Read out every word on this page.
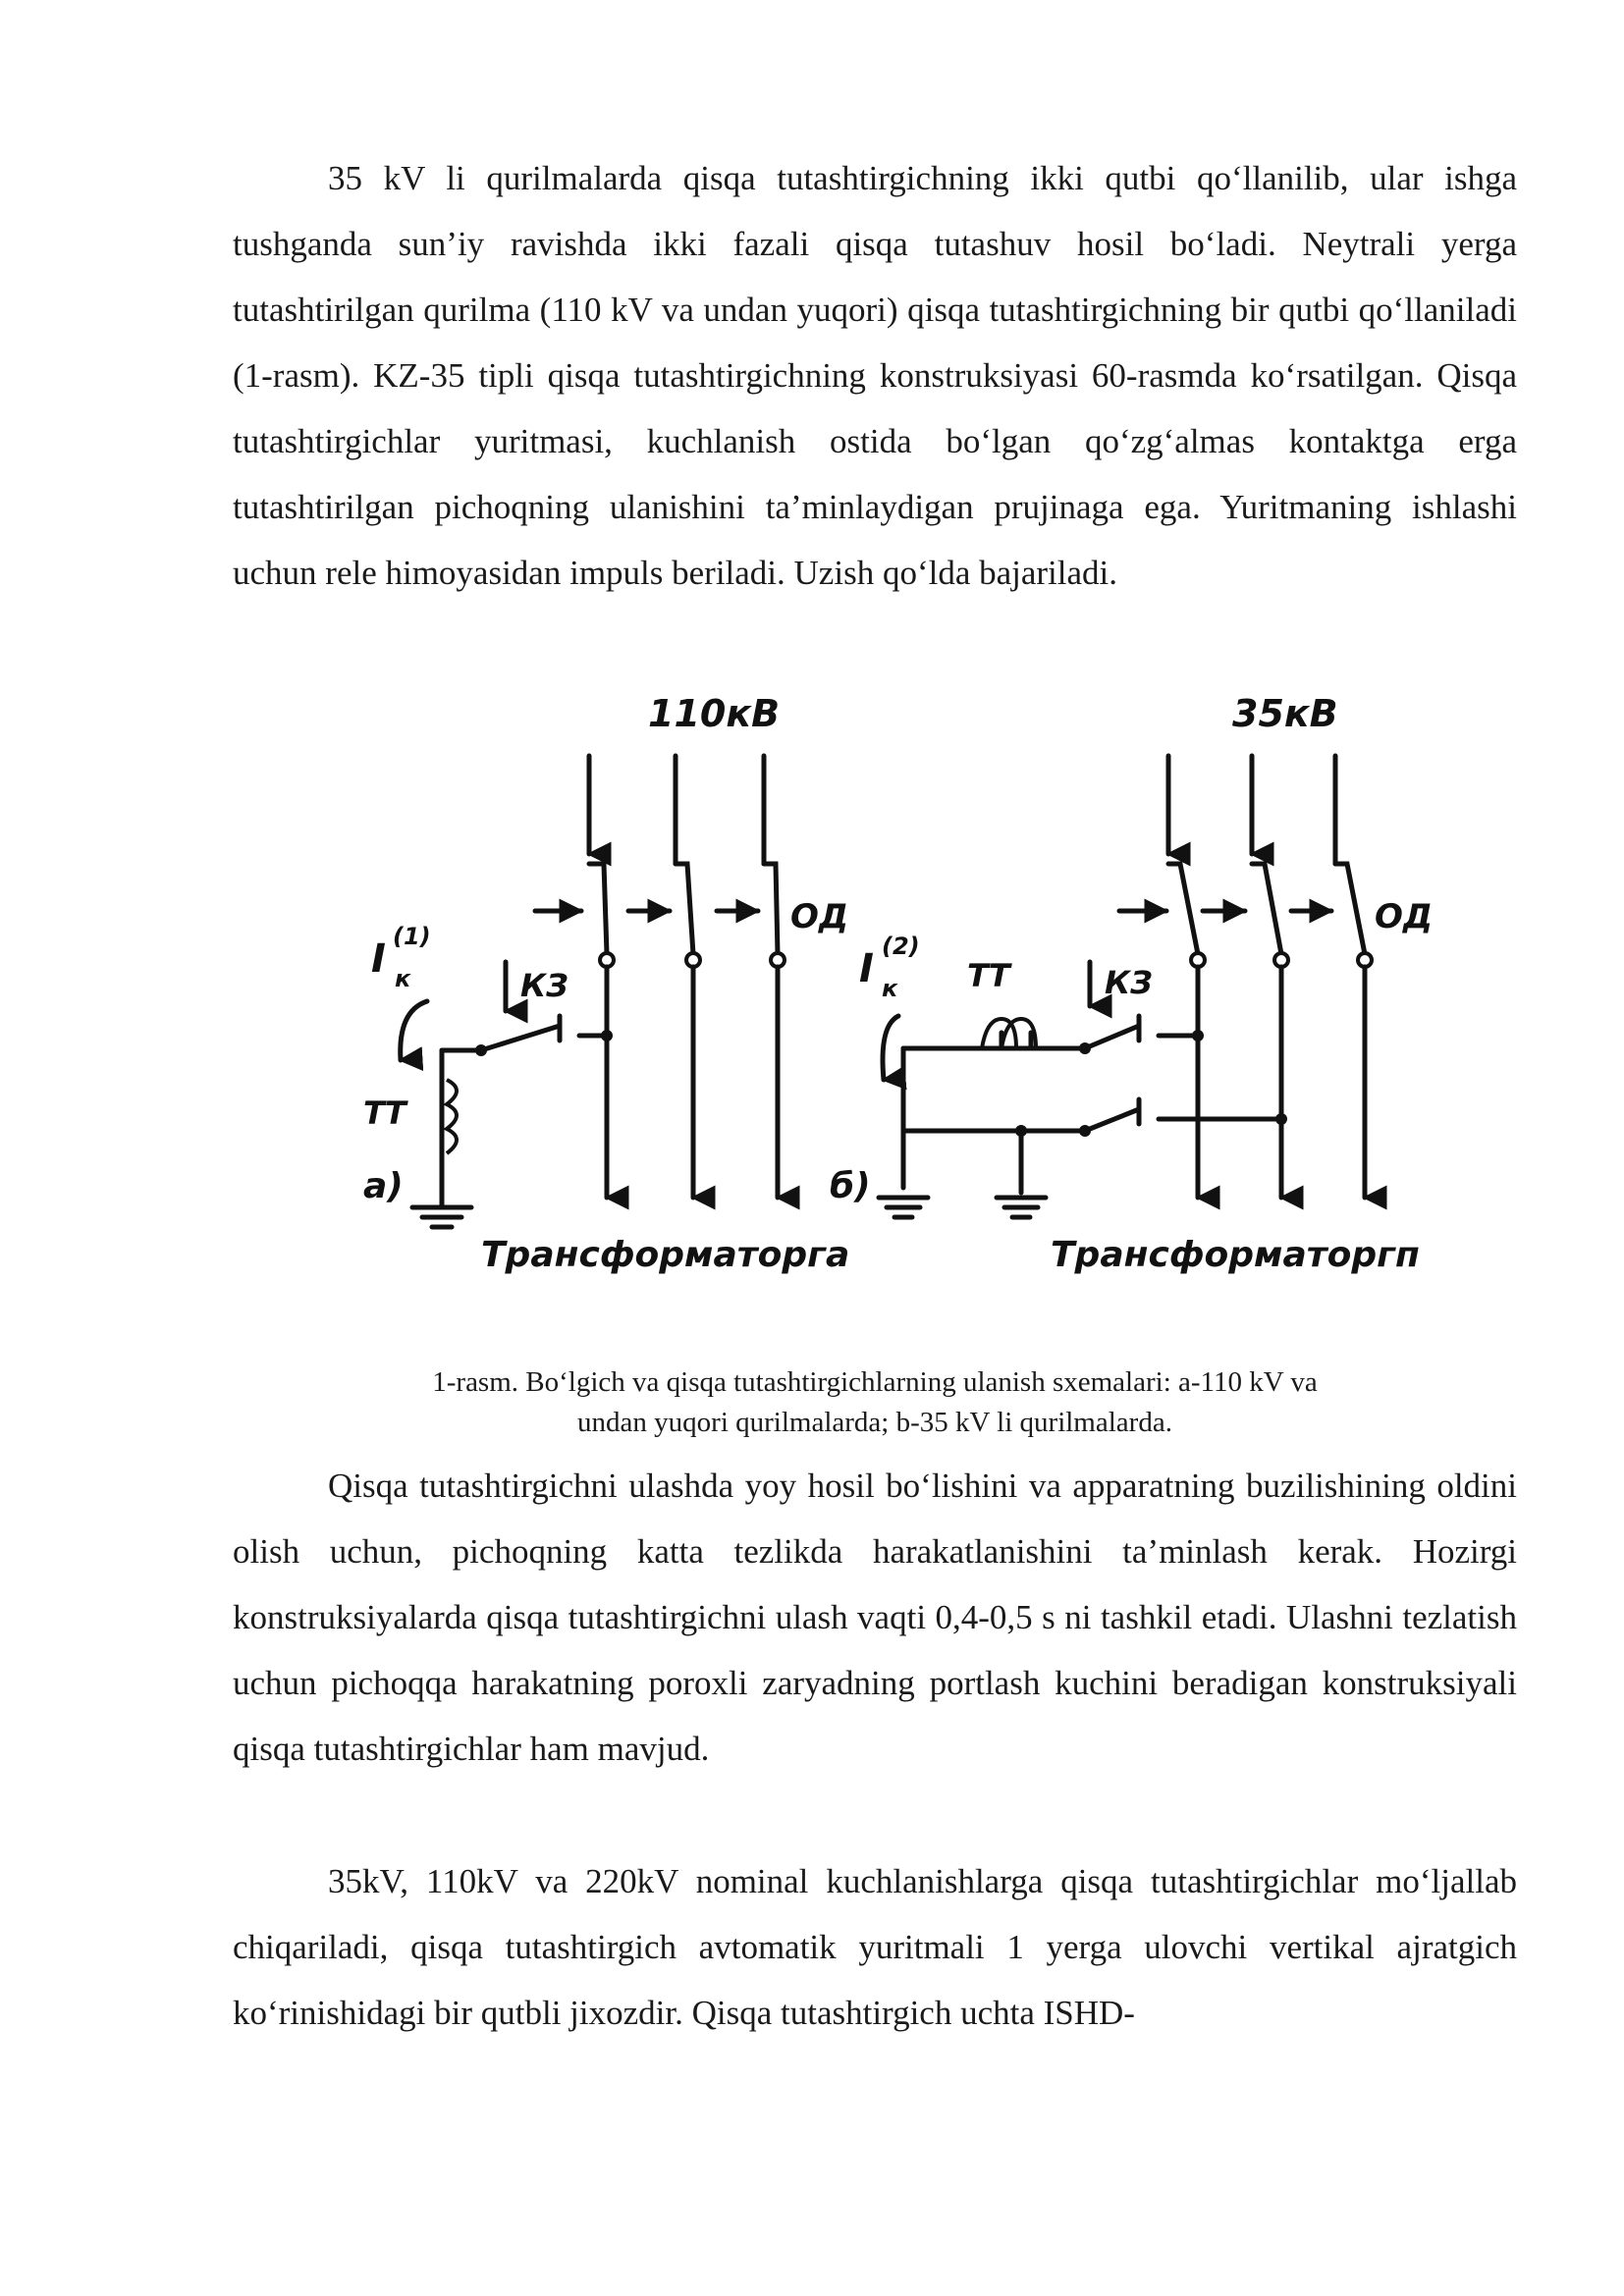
35 kV li qurilmalarda qisqa tutashtirgichning ikki qutbi qo‘llanilib, ular ishga tushganda sun’iy ravishda ikki fazali qisqa tutashuv hosil bo‘ladi. Neytrali yerga tutashtirilgan qurilma (110 kV va undan yuqori) qisqa tutashtirgichning bir qutbi qo‘llaniladi (1-rasm). KZ-35 tipli qisqa tutashtirgichning konstruksiyasi 60-rasmda ko‘rsatilgan. Qisqa tutashtirgichlar yuritmasi, kuchlanish ostida bo‘lgan qo‘zg‘almas kontaktga erga tutashtirilgan pichoqning ulanishini ta’minlaydigan prujinaga ega. Yuritmaning ishlashi uchun rele himoyasidan impuls beriladi. Uzish qo‘lda bajariladi.

110кВ
ОД
КЗ
ТТ
I к
(1)
а)
Трансформаторга
35кВ
ОД
КЗ
ТТ
I к
(2)
б)
Трансформаторгп

1-rasm. Bo‘lgich va qisqa tutashtirgichlarning ulanish sxemalari: a-110 kV va
undan yuqori qurilmalarda; b-35 kV li qurilmalarda.

Qisqa tutashtirgichni ulashda yoy hosil bo‘lishini va apparatning buzilishining oldini olish uchun, pichoqning katta tezlikda harakatlanishini ta’minlash kerak. Hozirgi konstruksiyalarda qisqa tutashtirgichni ulash vaqti 0,4-0,5 s ni tashkil etadi. Ulashni tezlatish uchun pichoqqa harakatning poroxli zaryadning portlash kuchini beradigan konstruksiyali qisqa tutashtirgichlar ham mavjud.

35kV, 110kV va 220kV nominal kuchlanishlarga qisqa tutashtirgichlar mo‘ljallab chiqariladi, qisqa tutashtirgich avtomatik yuritmali 1 yerga ulovchi vertikal ajratgich ko‘rinishidagi bir qutbli jixozdir. Qisqa tutashtirgich uchta ISHD-
